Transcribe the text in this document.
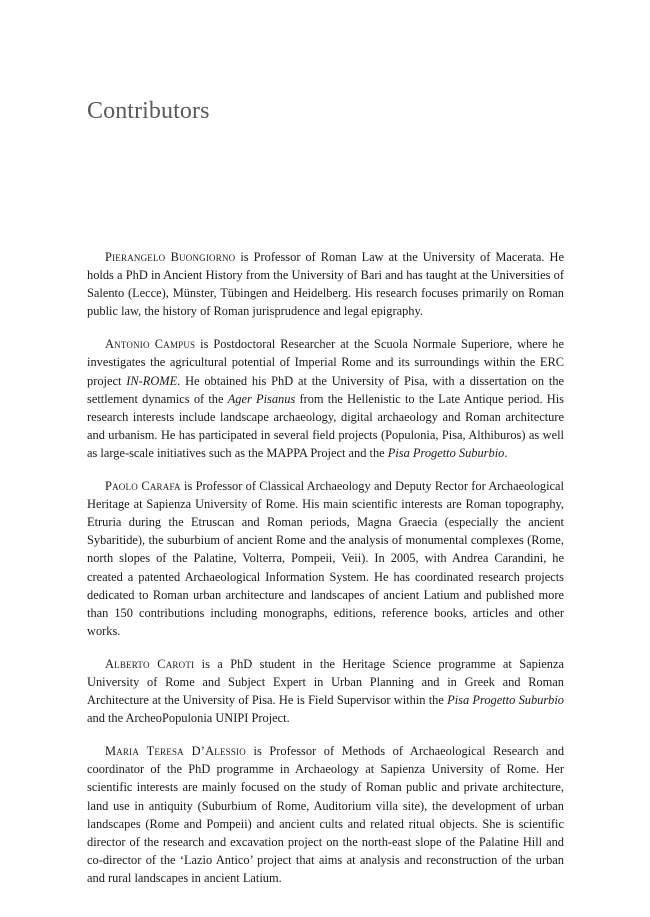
Contributors

Pierangelo Buongiorno is Professor of Roman Law at the University of Macerata. He holds a PhD in Ancient History from the University of Bari and has taught at the Universities of Salento (Lecce), Münster, Tübingen and Heidelberg. His research focuses primarily on Roman public law, the history of Roman jurisprudence and legal epigraphy.

Antonio Campus is Postdoctoral Researcher at the Scuola Normale Superiore, where he investigates the agricultural potential of Imperial Rome and its surroundings within the ERC project IN-ROME. He obtained his PhD at the University of Pisa, with a dissertation on the settlement dynamics of the Ager Pisanus from the Hellenistic to the Late Antique period. His research interests include landscape archaeology, digital archaeology and Roman architecture and urbanism. He has participated in several field projects (Populonia, Pisa, Althiburos) as well as large-scale initiatives such as the MAPPA Project and the Pisa Progetto Suburbio.

Paolo Carafa is Professor of Classical Archaeology and Deputy Rector for Archaeological Heritage at Sapienza University of Rome. His main scientific interests are Roman topography, Etruria during the Etruscan and Roman periods, Magna Graecia (especially the ancient Sybaritide), the suburbium of ancient Rome and the analysis of monumental complexes (Rome, north slopes of the Palatine, Volterra, Pompeii, Veii). In 2005, with Andrea Carandini, he created a patented Archaeological Information System. He has coordinated research projects dedicated to Roman urban architecture and landscapes of ancient Latium and published more than 150 contributions including monographs, editions, reference books, articles and other works.

Alberto Caroti is a PhD student in the Heritage Science programme at Sapienza University of Rome and Subject Expert in Urban Planning and in Greek and Roman Architecture at the University of Pisa. He is Field Supervisor within the Pisa Progetto Suburbio and the ArcheoPopulonia UNIPI Project.

Maria Teresa D’Alessio is Professor of Methods of Archaeological Research and coordinator of the PhD programme in Archaeology at Sapienza University of Rome. Her scientific interests are mainly focused on the study of Roman public and private architecture, land use in antiquity (Suburbium of Rome, Auditorium villa site), the development of urban landscapes (Rome and Pompeii) and ancient cults and related ritual objects. She is scientific director of the research and excavation project on the north-east slope of the Palatine Hill and co-director of the ‘Lazio Antico’ project that aims at analysis and reconstruction of the urban and rural landscapes in ancient Latium.
